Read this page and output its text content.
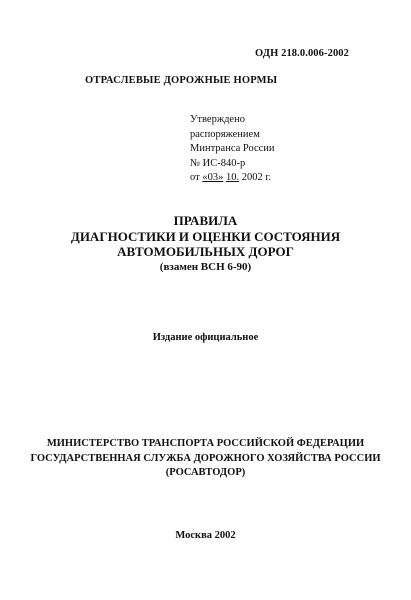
ОДН 218.0.006-2002
ОТРАСЛЕВЫЕ ДОРОЖНЫЕ НОРМЫ
Утверждено
распоряжением
Минтранса России
№ ИС-840-р
от «03» 10. 2002 г.
ПРАВИЛА
ДИАГНОСТИКИ И ОЦЕНКИ СОСТОЯНИЯ
АВТОМОБИЛЬНЫХ ДОРОГ
(взамен ВСН 6-90)
Издание официальное
МИНИСТЕРСТВО ТРАНСПОРТА РОССИЙСКОЙ ФЕДЕРАЦИИ
ГОСУДАРСТВЕННАЯ СЛУЖБА ДОРОЖНОГО ХОЗЯЙСТВА РОССИИ
(РОСАВТОДОР)
Москва 2002
